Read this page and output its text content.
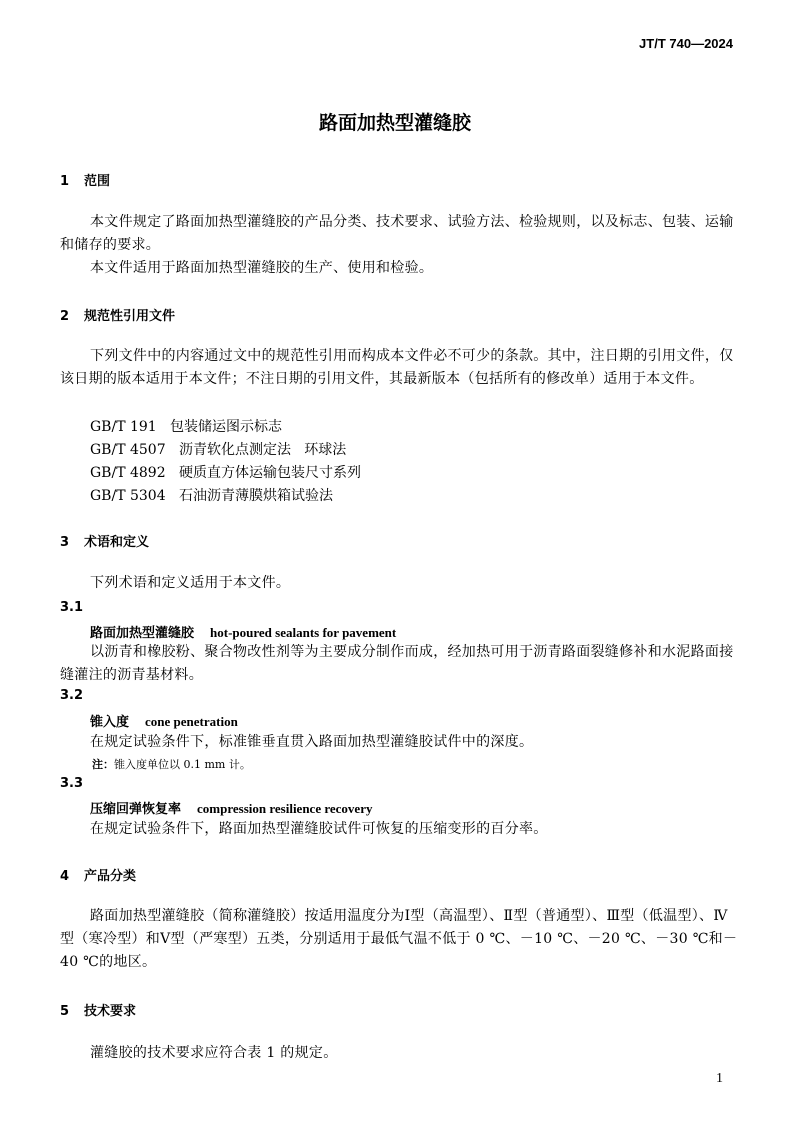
JT/T 740—2024
路面加热型灌缝胶
1 范围
本文件规定了路面加热型灌缝胶的产品分类、技术要求、试验方法、检验规则，以及标志、包装、运输和储存的要求。
本文件适用于路面加热型灌缝胶的生产、使用和检验。
2 规范性引用文件
下列文件中的内容通过文中的规范性引用而构成本文件必不可少的条款。其中，注日期的引用文件，仅该日期的版本适用于本文件；不注日期的引用文件，其最新版本（包括所有的修改单）适用于本文件。
GB/T 191   包装储运图示标志
GB/T 4507   沥青软化点测定法   环球法
GB/T 4892   硬质直方体运输包装尺寸系列
GB/T 5304   石油沥青薄膜烘箱试验法
3 术语和定义
下列术语和定义适用于本文件。
3.1
路面加热型灌缝胶 hot-poured sealants for pavement
以沥青和橡胶粉、聚合物改性剂等为主要成分制作而成，经加热可用于沥青路面裂缝修补和水泥路面接缝灌注的沥青基材料。
3.2
锥入度 cone penetration
在规定试验条件下，标准锥垂直贯入路面加热型灌缝胶试件中的深度。
注：锥入度单位以 0.1 mm 计。
3.3
压缩回弹恢复率 compression resilience recovery
在规定试验条件下，路面加热型灌缝胶试件可恢复的压缩变形的百分率。
4 产品分类
路面加热型灌缝胶（简称灌缝胶）按适用温度分为Ⅰ型（高温型）、Ⅱ型（普通型）、Ⅲ型（低温型）、Ⅳ型（寒冷型）和Ⅴ型（严寒型）五类，分别适用于最低气温不低于 0 ℃、－10 ℃、－20 ℃、－30 ℃和－40 ℃的地区。
5 技术要求
灌缝胶的技术要求应符合表 1 的规定。
1
